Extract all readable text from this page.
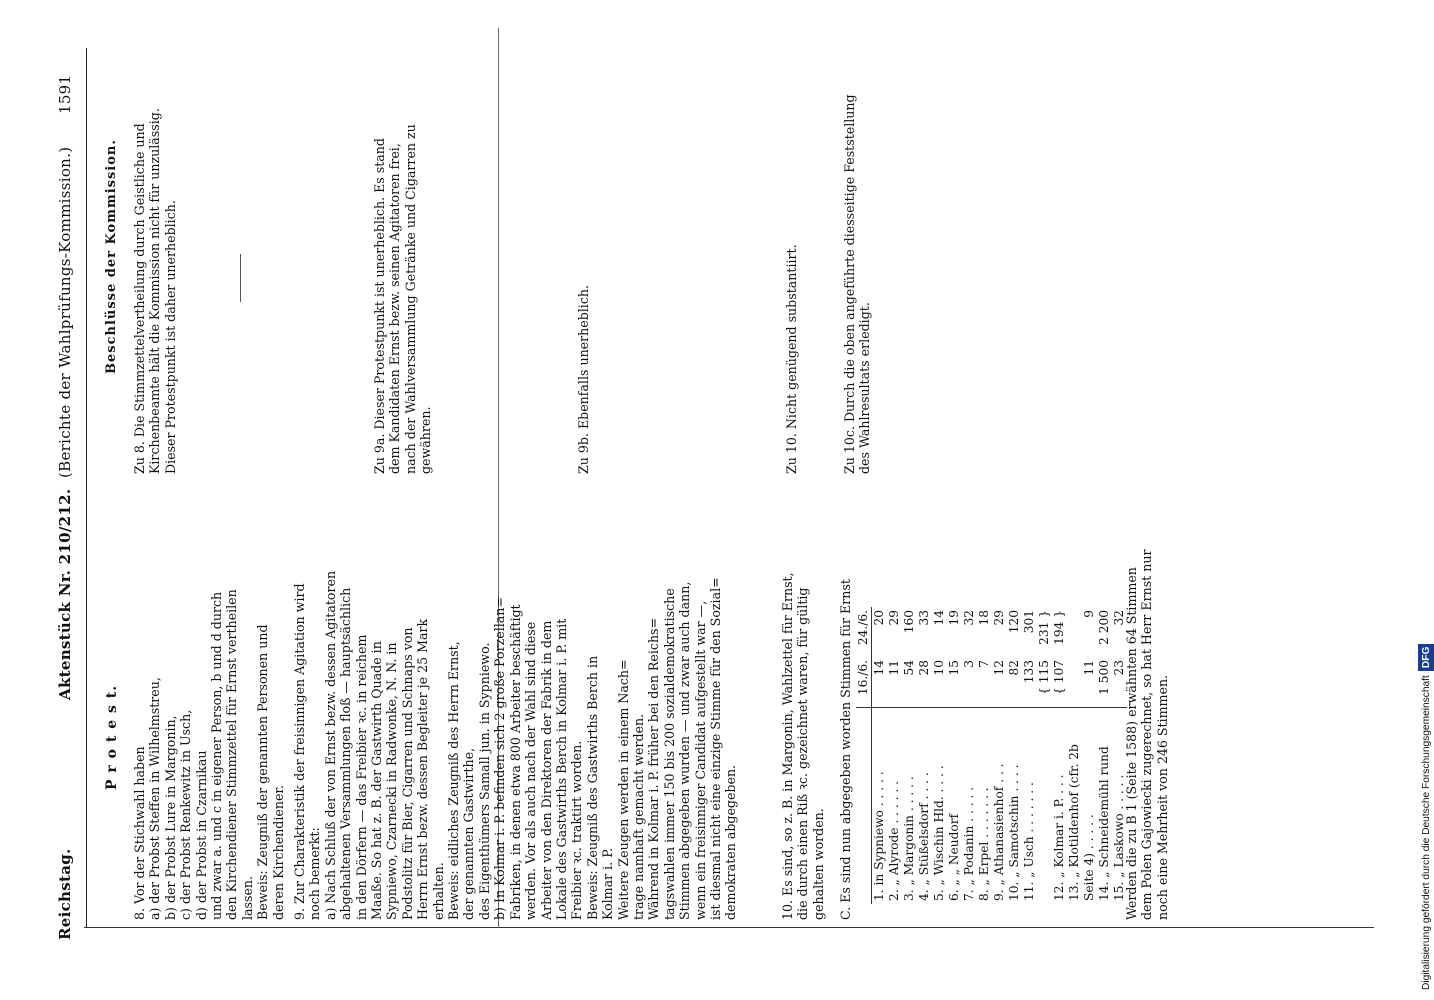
Reichstag.
Aktenstück Nr. 210/212.
(Berichte der Wahlprüfungs-Kommission.)
1591
P r o t e s t.
8. Vor der Stichwahl haben
a) der Probst Steffen in Wilhelmstreu,
b) der Probst Lure in Margonin,
c) der Probst Renkewitz in Usch,
d) der Probst in Czarnikau
und zwar a. und c in eigener Person, b und d durch
den Kirchendiener Stimmzettel für Ernst vertheilen
lassen.
Beweis: Zeugniß der genannten Personen und
deren Kirchendiener.
9. Zur Charakteristik der freisinnigen Agitation wird
noch bemerkt:
a) Nach Schluß der von Ernst bezw. dessen Agitatoren
abgehaltenen Versammlungen floß — hauptsächlich
in den Dörfern — das Freibier ꝛc. in reichem
Maaße. So hat z. B. der Gastwirth Quade in
Sypniewo, Czarnecki in Radwonke, N. N. in
Podstolitz für Bier, Cigarren und Schnaps von
Herrn Ernst bezw. dessen Begleiter je 25 Mark
erhalten.
Beweis: eidliches Zeugniß des Herrn Ernst,
der genannten Gastwirthe,
des Eigenthümers Samall jun. in Sypniewo.
b) In Kolmar i. P. befinden sich 2 große Porzellan=
Fabriken, in denen etwa 800 Arbeiter beschäftigt
werden. Vor als auch nach der Wahl sind diese
Arbeiter von den Direktoren der Fabrik in dem
Lokale des Gastwirths Berch in Kolmar i. P. mit
Freibier ꝛc. traktirt worden.
Beweis: Zeugniß des Gastwirths Berch in
Kolmar i. P.
Weitere Zeugen werden in einem Nach=
trage namhaft gemacht werden.
Während in Kolmar i. P. früher bei den Reichs=
tagswahlen immer 150 bis 200 sozialdemokratische
Stimmen abgegeben wurden — und zwar auch dann,
wenn ein freisinniger Candidat aufgestellt war —,
ist diesmal nicht eine einzige Stimme für den Sozial=
demokraten abgegeben.
10. Es sind, so z. B. in Margonin, Wahlzettel für Ernst,
die durch einen Riß ꝛc. gezeichnet waren, für gültig
gehalten worden. C. Es sind nun abgegeben worden Stimmen für Ernst
	16./6.	24./6.
1. in Sypniewo . . . . .	14	20
2. „ Alyrode . . . . . .	11	29
3. „ Margonin . . . . .	54	160
4. „ Stüßelsdorf . . . .	28	33
5. „ Wischin Hld. . . . .	10	14
6. „ „ Neudorf	15	19
7. „ Podanin . . . . .	3	32
8. „ Erpel . . . . . . .	7	18
9. „ Athanasienhof . . .	12	29
10. „ Samotschin . . . .	82	120
11. „ Usch . . . . . . .	133	301
	{ 115	231 }
12. „ Kolmar i. P. . . .	{ 107	194 }
13. „ Klotildenhof (cfr. 2b		
Seite 4) . . . . .	11	9
14. „ Schneidemühl rund	1 500	2 200
15. „ Laskowo . . . . .	23	32
Werden die zu B 1 (Seite 1588) erwähnten 64 Stimmen
dem Polen Gajowiecki zugerechnet, so hat Herr Ernst nur
noch eine Mehrheit von 246 Stimmen.
Beschlüsse der Kommission.
Zu 8. Die Stimmzettelvertheilung durch Geistliche und
Kirchenbeamte hält die Kommission nicht für unzulässig.
Dieser Protestpunkt ist daher unerheblich.
Zu 9a. Dieser Protestpunkt ist unerheblich. Es stand
dem Kandidaten Ernst bezw. seinen Agitatoren frei,
nach der Wahlversammlung Getränke und Cigarren zu
gewähren.	Zu 9b. Ebenfalls unerheblich.	Zu 10. Nicht genügend substantiirt.	Zu 10c. Durch die oben angeführte diesseitige Feststellung
des Wahlresultats erledigt.
Digitalisierung gefördert durch die Deutsche ForschungsgemeinschaftDFG
